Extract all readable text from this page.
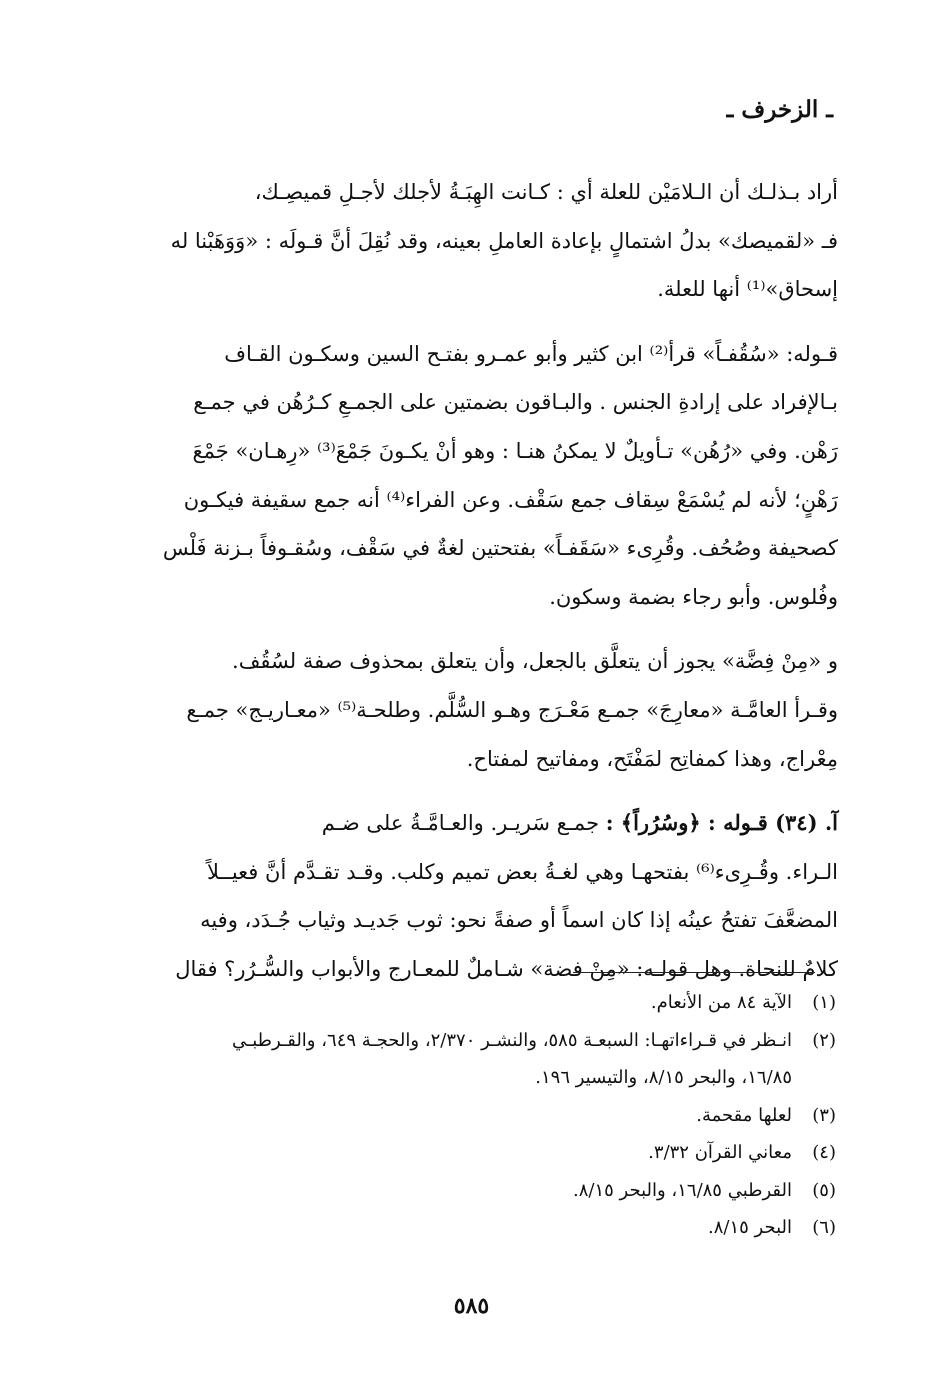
ـ الزخرف ـ

أراد بـذلـك أن الـلامَيْن للعلة أي : كـانت الهِبَـةُ لأجلك لأجـلِ قميصِـك،
فـ «لقميصك» بدلُ اشتمالٍ بإعادة العاملِ بعينه، وقد نُقِلَ أنَّ قـولَه : «وَوَهَبْنا له
إسحاق»⁽¹⁾ أنها للعلة.

قـوله: «سُقُفـاً» قرأ⁽²⁾ ابن كثير وأبو عمـرو بفتـح السين وسكـون القـاف
بـالإفراد على إرادةِ الجنس . والبـاقون بضمتين على الجمـعِ كـرُهُن في جمـع
رَهْن. وفي «رُهُن» تـأويلٌ لا يمكنُ هنـا : وهو أنْ يكـونَ جَمْعَ⁽³⁾ «رِهـان» جَمْعَ
رَهْنٍ؛ لأنه لم يُسْمَعْ سِقاف جمع سَقْف. وعن الفراء⁽⁴⁾ أنه جمع سقيفة فيكـون
كصحيفة وصُحُف. وقُرِىء «سَقَفـاً» بفتحتين لغةٌ في سَقْف، وسُقـوفاً بـزنة فَلْس
وفُلوس. وأبو رجاء بضمة وسكون.

و «مِنْ فِضَّة» يجوز أن يتعلَّق بالجعل، وأن يتعلق بمحذوف صفة لسُقُف.
وقـرأ العامَّـة «معارِجَ» جمـع مَعْـرَج وهـو السُّلَّم. وطلحـة⁽⁵⁾ «معـاريـج» جمـع
مِعْراج، وهذا كمفاتِح لمَفْتَح، ومفاتيح لمفتاح.

آ. (٣٤) قـوله : ﴿وسُرُراً﴾ : جمـع سَريـر. والعـامَّـةُ على ضـم
الـراء. وقُـرِىء⁽⁶⁾ بفتحهـا وهي لغـةُ بعض تميم وكلب. وقـد تقـدَّم أنَّ فعيــلاً
المضعَّفَ تفتحُ عينُه إذا كان اسماً أو صفةً نحو: ثوب جَديـد وثياب جُـدَد، وفيه
كلامٌ للنحاة. وهل قولـه: «مِنْ فضة» شـاملٌ للمعـارج والأبواب والسُّـرُر؟ فقال

(١)
الآية ٨٤ من الأنعام.
(٢)
انـظر في قـراءاتهـا: السبعـة ٥٨٥، والنشـر ٢/٣٧٠، والحجـة ٦٤٩، والقـرطبـي
١٦/٨٥، والبحر ٨/١٥، والتيسير ١٩٦.
(٣)
لعلها مقحمة.
(٤)
معاني القرآن ٣/٣٢.
(٥)
القرطبي ١٦/٨٥، والبحر ٨/١٥.
(٦)
البحر ٨/١٥.
٥٨٥
